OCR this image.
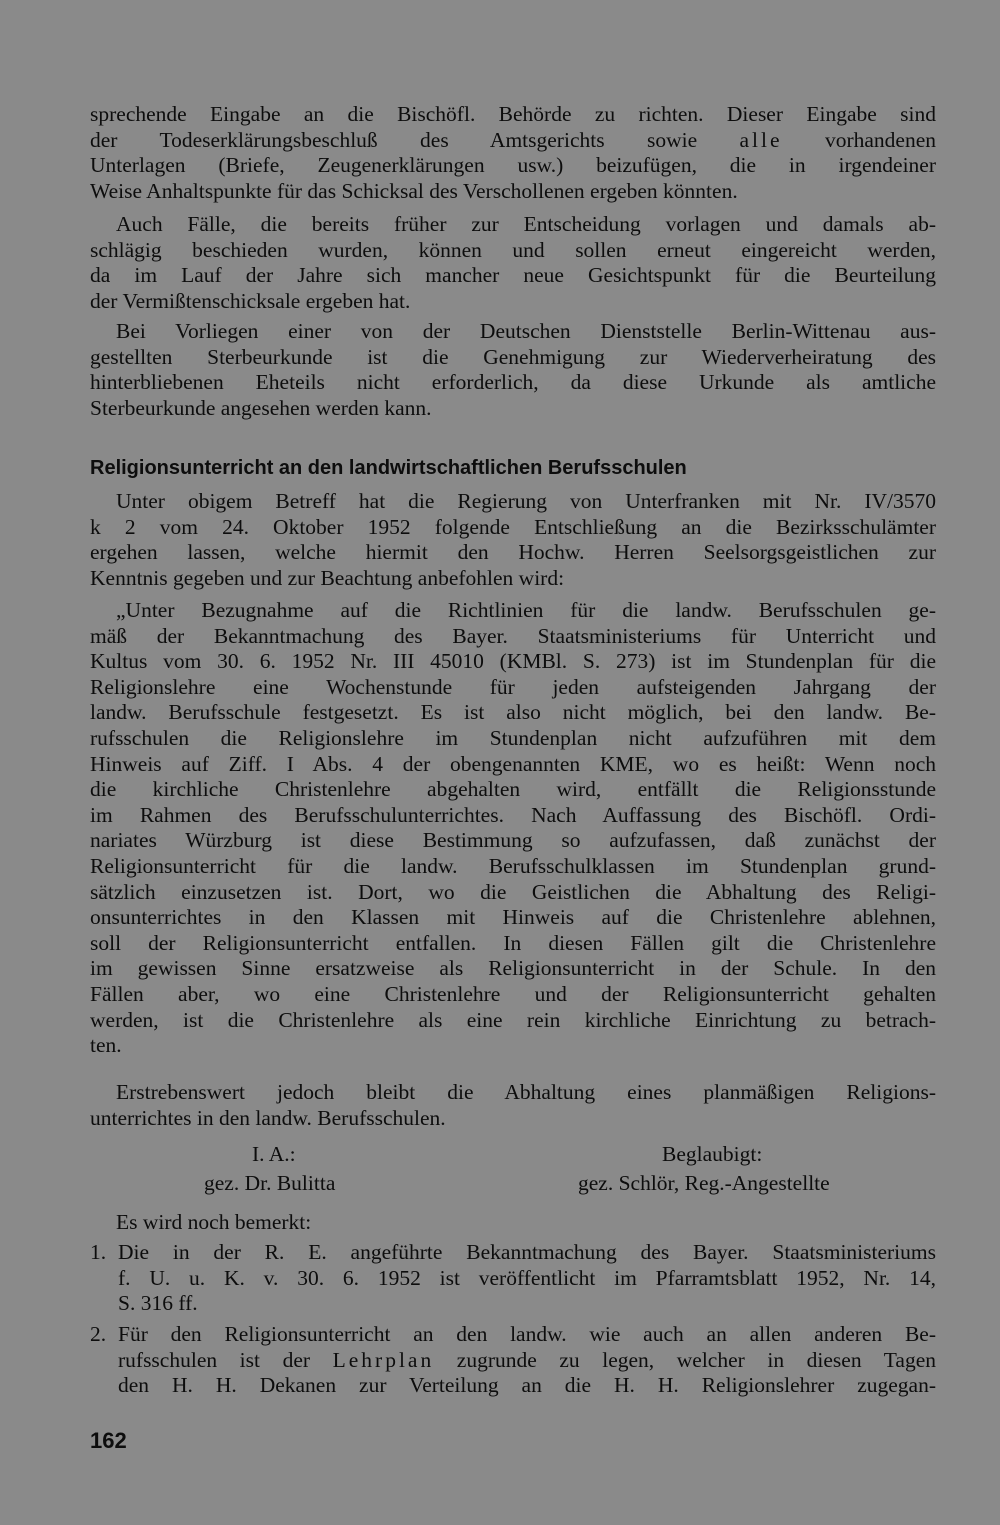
sprechende Eingabe an die Bischöfl. Behörde zu richten. Dieser Eingabe sind
der Todeserklärungsbeschluß des Amtsgerichts sowie alle vorhandenen
Unterlagen (Briefe, Zeugenerklärungen usw.) beizufügen, die in irgendeiner
Weise Anhaltspunkte für das Schicksal des Verschollenen ergeben könnten.
Auch Fälle, die bereits früher zur Entscheidung vorlagen und damals ab-
schlägig beschieden wurden, können und sollen erneut eingereicht werden,
da im Lauf der Jahre sich mancher neue Gesichtspunkt für die Beurteilung
der Vermißtenschicksale ergeben hat.
Bei Vorliegen einer von der Deutschen Dienststelle Berlin-Wittenau aus-
gestellten Sterbeurkunde ist die Genehmigung zur Wiederverheiratung des
hinterbliebenen Eheteils nicht erforderlich, da diese Urkunde als amtliche
Sterbeurkunde angesehen werden kann.
Religionsunterricht an den landwirtschaftlichen Berufsschulen
Unter obigem Betreff hat die Regierung von Unterfranken mit Nr. IV/3570
k 2 vom 24. Oktober 1952 folgende Entschließung an die Bezirksschulämter
ergehen lassen, welche hiermit den Hochw. Herren Seelsorgsgeistlichen zur
Kenntnis gegeben und zur Beachtung anbefohlen wird:
„Unter Bezugnahme auf die Richtlinien für die landw. Berufsschulen ge-
mäß der Bekanntmachung des Bayer. Staatsministeriums für Unterricht und
Kultus vom 30. 6. 1952 Nr. III 45010 (KMBl. S. 273) ist im Stundenplan für die
Religionslehre eine Wochenstunde für jeden aufsteigenden Jahrgang der
landw. Berufsschule festgesetzt. Es ist also nicht möglich, bei den landw. Be-
rufsschulen die Religionslehre im Stundenplan nicht aufzuführen mit dem
Hinweis auf Ziff. I Abs. 4 der obengenannten KME, wo es heißt: Wenn noch
die kirchliche Christenlehre abgehalten wird, entfällt die Religionsstunde
im Rahmen des Berufsschulunterrichtes. Nach Auffassung des Bischöfl. Ordi-
nariates Würzburg ist diese Bestimmung so aufzufassen, daß zunächst der
Religionsunterricht für die landw. Berufsschulklassen im Stundenplan grund-
sätzlich einzusetzen ist. Dort, wo die Geistlichen die Abhaltung des Religi-
onsunterrichtes in den Klassen mit Hinweis auf die Christenlehre ablehnen,
soll der Religionsunterricht entfallen. In diesen Fällen gilt die Christenlehre
im gewissen Sinne ersatzweise als Religionsunterricht in der Schule. In den
Fällen aber, wo eine Christenlehre und der Religionsunterricht gehalten
werden, ist die Christenlehre als eine rein kirchliche Einrichtung zu betrach-
ten.
Erstrebenswert jedoch bleibt die Abhaltung eines planmäßigen Religions-
unterrichtes in den landw. Berufsschulen.
I. A.:
gez. Dr. Bulitta
Beglaubigt:
gez. Schlör, Reg.-Angestellte
Es wird noch bemerkt:
1. Die in der R. E. angeführte Bekanntmachung des Bayer. Staatsministeriums
f. U. u. K. v. 30. 6. 1952 ist veröffentlicht im Pfarramtsblatt 1952, Nr. 14,
S. 316 ff.
2. Für den Religionsunterricht an den landw. wie auch an allen anderen Be-
rufsschulen ist der Lehrplan zugrunde zu legen, welcher in diesen Tagen
den H. H. Dekanen zur Verteilung an die H. H. Religionslehrer zugegan-
162
